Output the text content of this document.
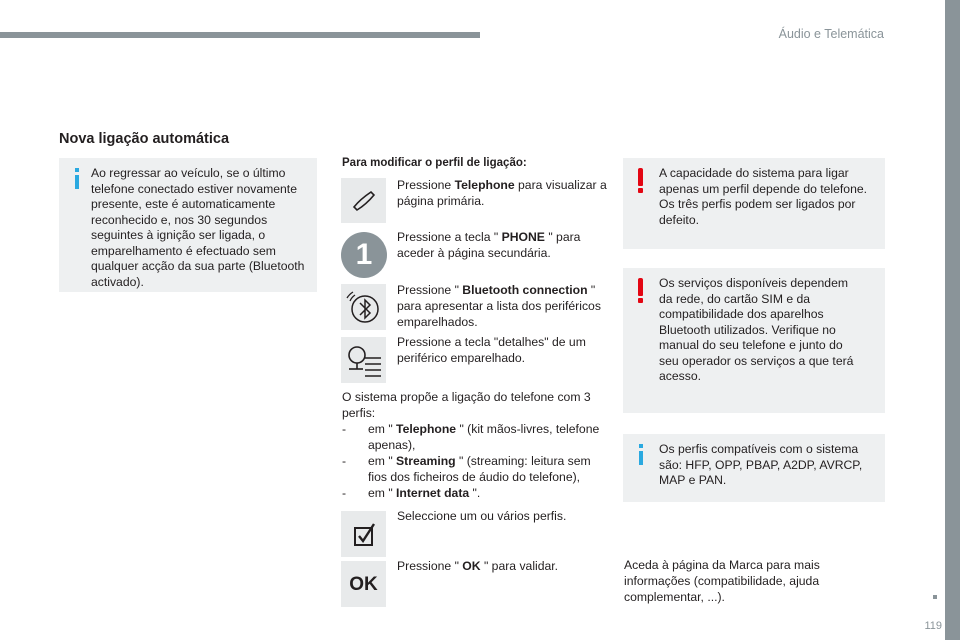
Áudio e Telemática
Nova ligação automática
Ao regressar ao veículo, se o último telefone conectado estiver novamente presente, este é automaticamente reconhecido e, nos 30 segundos seguintes à ignição ser ligada, o emparelhamento é efectuado sem qualquer acção da sua parte (Bluetooth activado).
Para modificar o perfil de ligação:
Pressione Telephone para visualizar a página primária.
1
Pressione a tecla " PHONE " para aceder à página secundária.
Pressione " Bluetooth connection " para apresentar a lista dos periféricos emparelhados.
Pressione a tecla "detalhes" de um periférico emparelhado.
O sistema propõe a ligação do telefone com 3 perfis:
- em " Telephone " (kit mãos-livres, telefone apenas),
- em " Streaming " (streaming: leitura sem fios dos ficheiros de áudio do telefone),
- em " Internet data ".
Seleccione um ou vários perfis.
OK
Pressione " OK " para validar.
A capacidade do sistema para ligar apenas um perfil depende do telefone. Os três perfis podem ser ligados por defeito.
Os serviços disponíveis dependem da rede, do cartão SIM e da compatibilidade dos aparelhos Bluetooth utilizados. Verifique no manual do seu telefone e junto do seu operador os serviços a que terá acesso.
Os perfis compatíveis com o sistema são: HFP, OPP, PBAP, A2DP, AVRCP, MAP e PAN.
Aceda à página da Marca para mais informações (compatibilidade, ajuda complementar, ...).
119
